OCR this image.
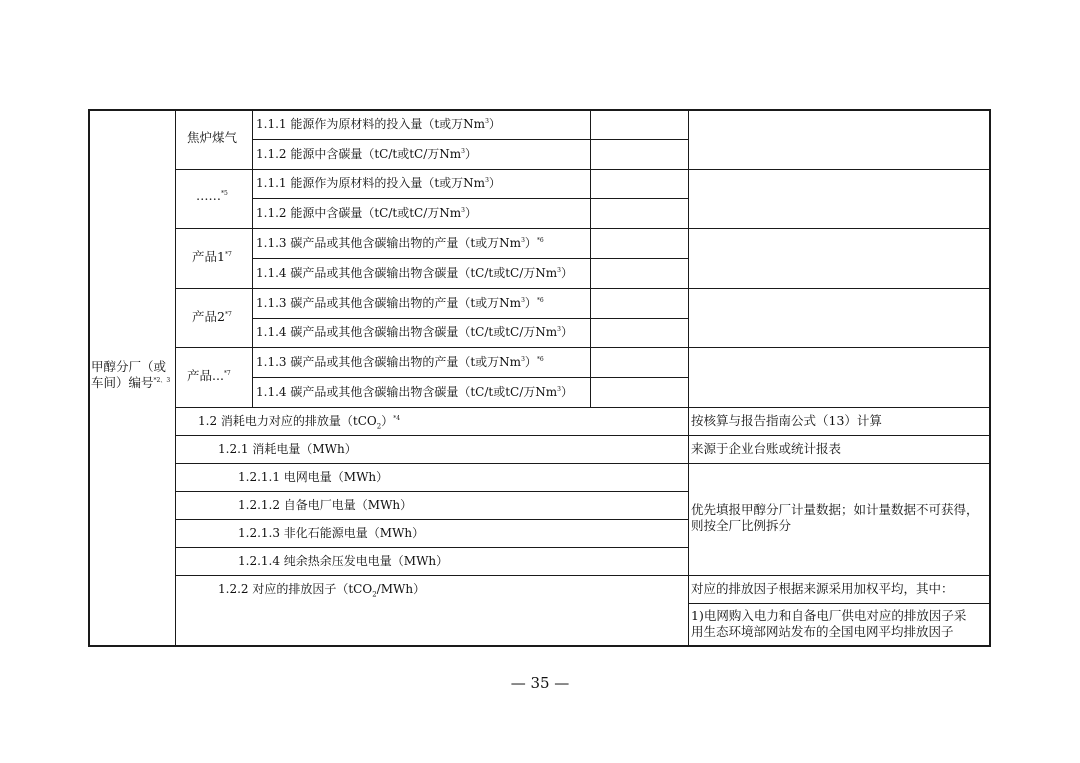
甲醇分厂（或
车间）编号$^{*2、3}$
焦炉煤气
……$^{*5}$
产品1$^{*7}$
产品2$^{*7}$
产品...$^{*7}$
1.1.1 能源作为原材料的投入量（t或万Nm$^3$）
1.1.2 能源中含碳量（tC/t或tC/万Nm$^3$）
1.1.1 能源作为原材料的投入量（t或万Nm$^3$）
1.1.2 能源中含碳量（tC/t或tC/万Nm$^3$）
1.1.3 碳产品或其他含碳输出物的产量（t或万Nm$^3$）$^{*6}$
1.1.4 碳产品或其他含碳输出物含碳量（tC/t或tC/万Nm$^3$）
1.1.3 碳产品或其他含碳输出物的产量（t或万Nm$^3$）$^{*6}$
1.1.4 碳产品或其他含碳输出物含碳量（tC/t或tC/万Nm$^3$）
1.1.3 碳产品或其他含碳输出物的产量（t或万Nm$^3$）$^{*6}$
1.1.4 碳产品或其他含碳输出物含碳量（tC/t或tC/万Nm$^3$）
1.2 消耗电力对应的排放量$(tCO_2)^{*4}$
1.2.1 消耗电量（MWh）
1.2.1.1 电网电量（MWh）
1.2.1.2 自备电厂电量（MWh）
1.2.1.3 非化石能源电量（MWh）
1.2.1.4 纯余热余压发电电量（MWh）
1.2.2 对应的排放因子（tCO$_2$/MWh）
按核算与报告指南公式（13）计算
来源于企业台账或统计报表
优先填报甲醇分厂计量数据；如计量数据不可获得，
则按全厂比例拆分
对应的排放因子根据来源采用加权平均，其中：
1)电网购入电力和自备电厂供电对应的排放因子采
用生态环境部网站发布的全国电网平均排放因子
— 35 —
